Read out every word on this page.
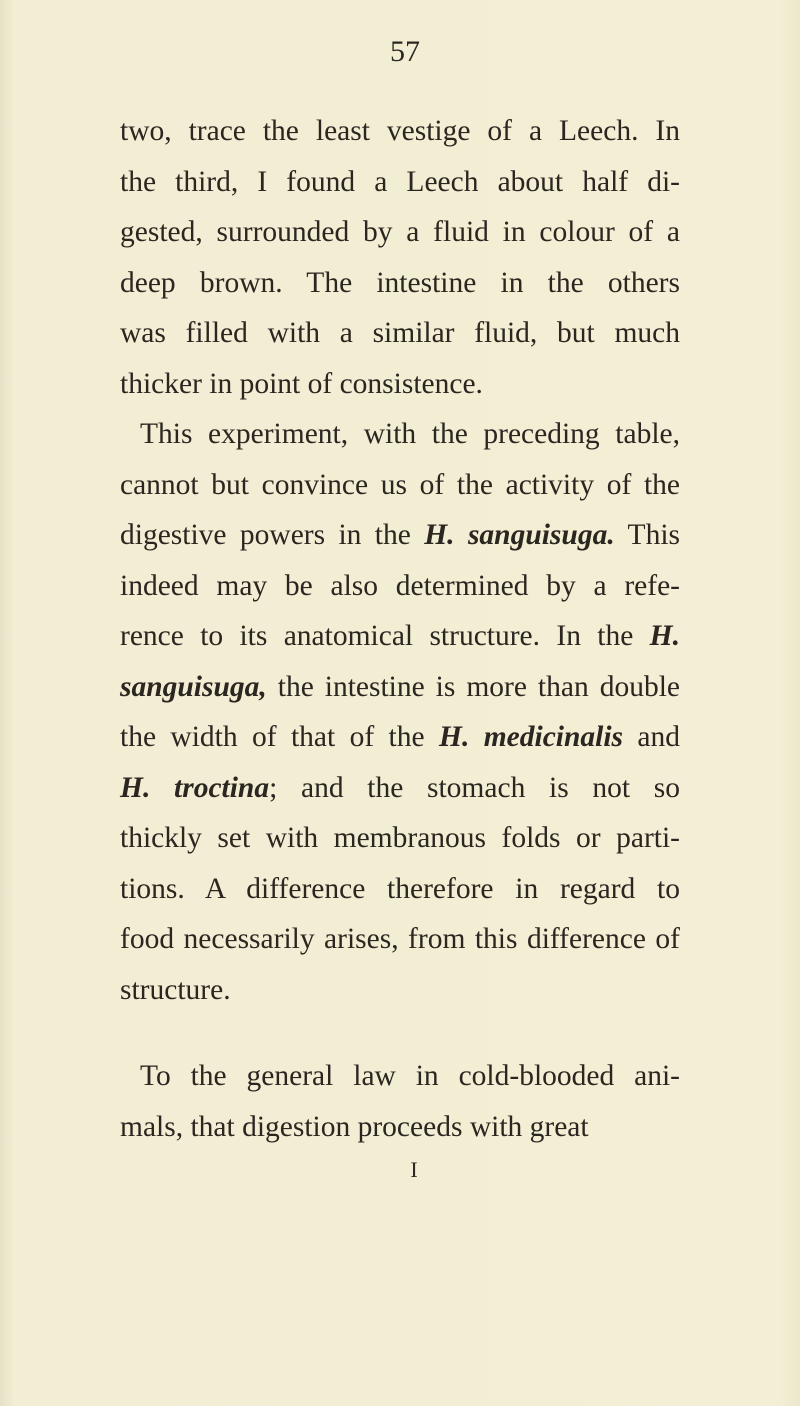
57
two, trace the least vestige of a Leech. In
the third, I found a Leech about half di-
gested, surrounded by a fluid in colour of a
deep brown. The intestine in the others
was filled with a similar fluid, but much
thicker in point of consistence.
This experiment, with the preceding table,
cannot but convince us of the activity of the
digestive powers in the H. sanguisuga. This
indeed may be also determined by a refe-
rence to its anatomical structure. In the H.
sanguisuga, the intestine is more than double
the width of that of the H. medicinalis and
H. troctina; and the stomach is not so
thickly set with membranous folds or parti-
tions. A difference therefore in regard to
food necessarily arises, from this difference of
structure.
To the general law in cold-blooded ani-
mals, that digestion proceeds with great
I
